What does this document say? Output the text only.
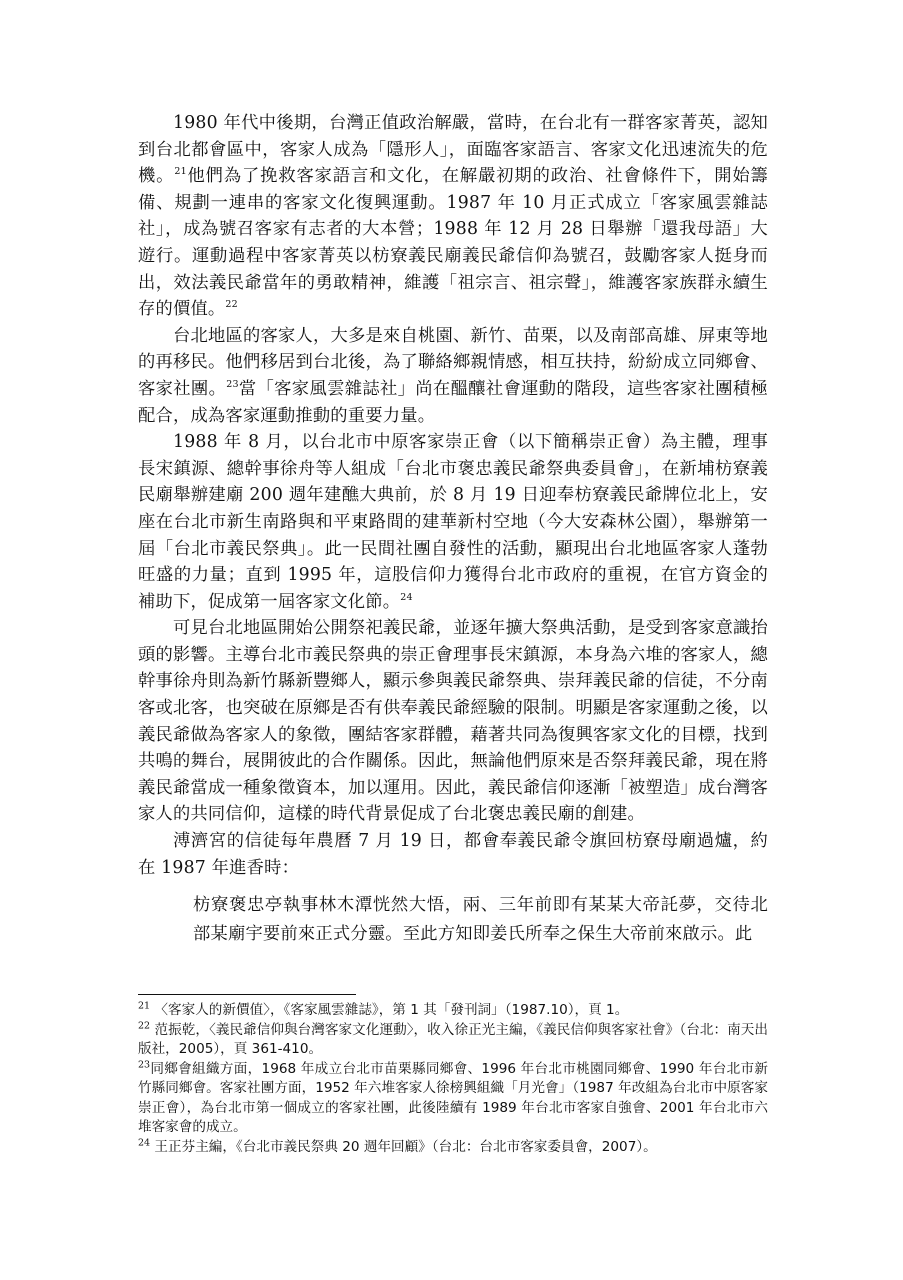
1980 年代中後期，台灣正值政治解嚴，當時，在台北有一群客家菁英，認知到台北都會區中，客家人成為「隱形人」，面臨客家語言、客家文化迅速流失的危機。$^{21}$他們為了挽救客家語言和文化，在解嚴初期的政治、社會條件下，開始籌備、規劃一連串的客家文化復興運動。1987 年 10 月正式成立「客家風雲雜誌社」，成為號召客家有志者的大本營；1988 年 12 月 28 日舉辦「還我母語」大遊行。運動過程中客家菁英以枋寮義民廟義民爺信仰為號召，鼓勵客家人挺身而出，效法義民爺當年的勇敢精神，維護「祖宗言、祖宗聲」，維護客家族群永續生存的價值。$^{22}$

台北地區的客家人，大多是來自桃園、新竹、苗栗，以及南部高雄、屏東等地的再移民。他們移居到台北後，為了聯絡鄉親情感，相互扶持，紛紛成立同鄉會、客家社團。$^{23}$當「客家風雲雜誌社」尚在醞釀社會運動的階段，這些客家社團積極配合，成為客家運動推動的重要力量。

1988 年 8 月，以台北市中原客家崇正會（以下簡稱崇正會）為主體，理事長宋鎮源、總幹事徐舟等人組成「台北市褒忠義民爺祭典委員會」，在新埔枋寮義民廟舉辦建廟 200 週年建醮大典前，於 8 月 19 日迎奉枋寮義民爺牌位北上，安座在台北市新生南路與和平東路間的建華新村空地（今大安森林公園），舉辦第一屆「台北市義民祭典」。此一民間社團自發性的活動，顯現出台北地區客家人蓬勃旺盛的力量；直到 1995 年，這股信仰力獲得台北市政府的重視，在官方資金的補助下，促成第一屆客家文化節。$^{24}$

可見台北地區開始公開祭祀義民爺，並逐年擴大祭典活動，是受到客家意識抬頭的影響。主導台北市義民祭典的崇正會理事長宋鎮源，本身為六堆的客家人，總幹事徐舟則為新竹縣新豐鄉人，顯示參與義民爺祭典、崇拜義民爺的信徒，不分南客或北客，也突破在原鄉是否有供奉義民爺經驗的限制。明顯是客家運動之後，以義民爺做為客家人的象徵，團結客家群體，藉著共同為復興客家文化的目標，找到共鳴的舞台，展開彼此的合作關係。因此，無論他們原來是否祭拜義民爺，現在將義民爺當成一種象徵資本，加以運用。因此，義民爺信仰逐漸「被塑造」成台灣客家人的共同信仰，這樣的時代背景促成了台北褒忠義民廟的創建。

溥濟宮的信徒每年農曆 7 月 19 日，都會奉義民爺令旗回枋寮母廟過爐，約在 1987 年進香時：

枋寮褒忠亭執事林木潭恍然大悟，兩、三年前即有某某大帝託夢，交待北部某廟宇要前來正式分靈。至此方知即姜氏所奉之保生大帝前來啟示。此

$^{21}$ 〈客家人的新價值〉，《客家風雲雜誌》，第 1 其「發刊詞」（1987.10），頁 1。

$^{22}$ 范振乾，〈義民爺信仰與台灣客家文化運動〉，收入徐正光主編，《義民信仰與客家社會》（台北：南天出版社，2005），頁 361-410。

$^{23}$同鄉會組織方面，1968 年成立台北市苗栗縣同鄉會、1996 年台北市桃園同鄉會、1990 年台北市新竹縣同鄉會。客家社團方面，1952 年六堆客家人徐榜興組織「月光會」（1987 年改組為台北市中原客家崇正會），為台北市第一個成立的客家社團，此後陸續有 1989 年台北市客家自強會、2001 年台北市六堆客家會的成立。

$^{24}$ 王正芬主編，《台北市義民祭典 20 週年回顧》（台北：台北市客家委員會，2007）。
